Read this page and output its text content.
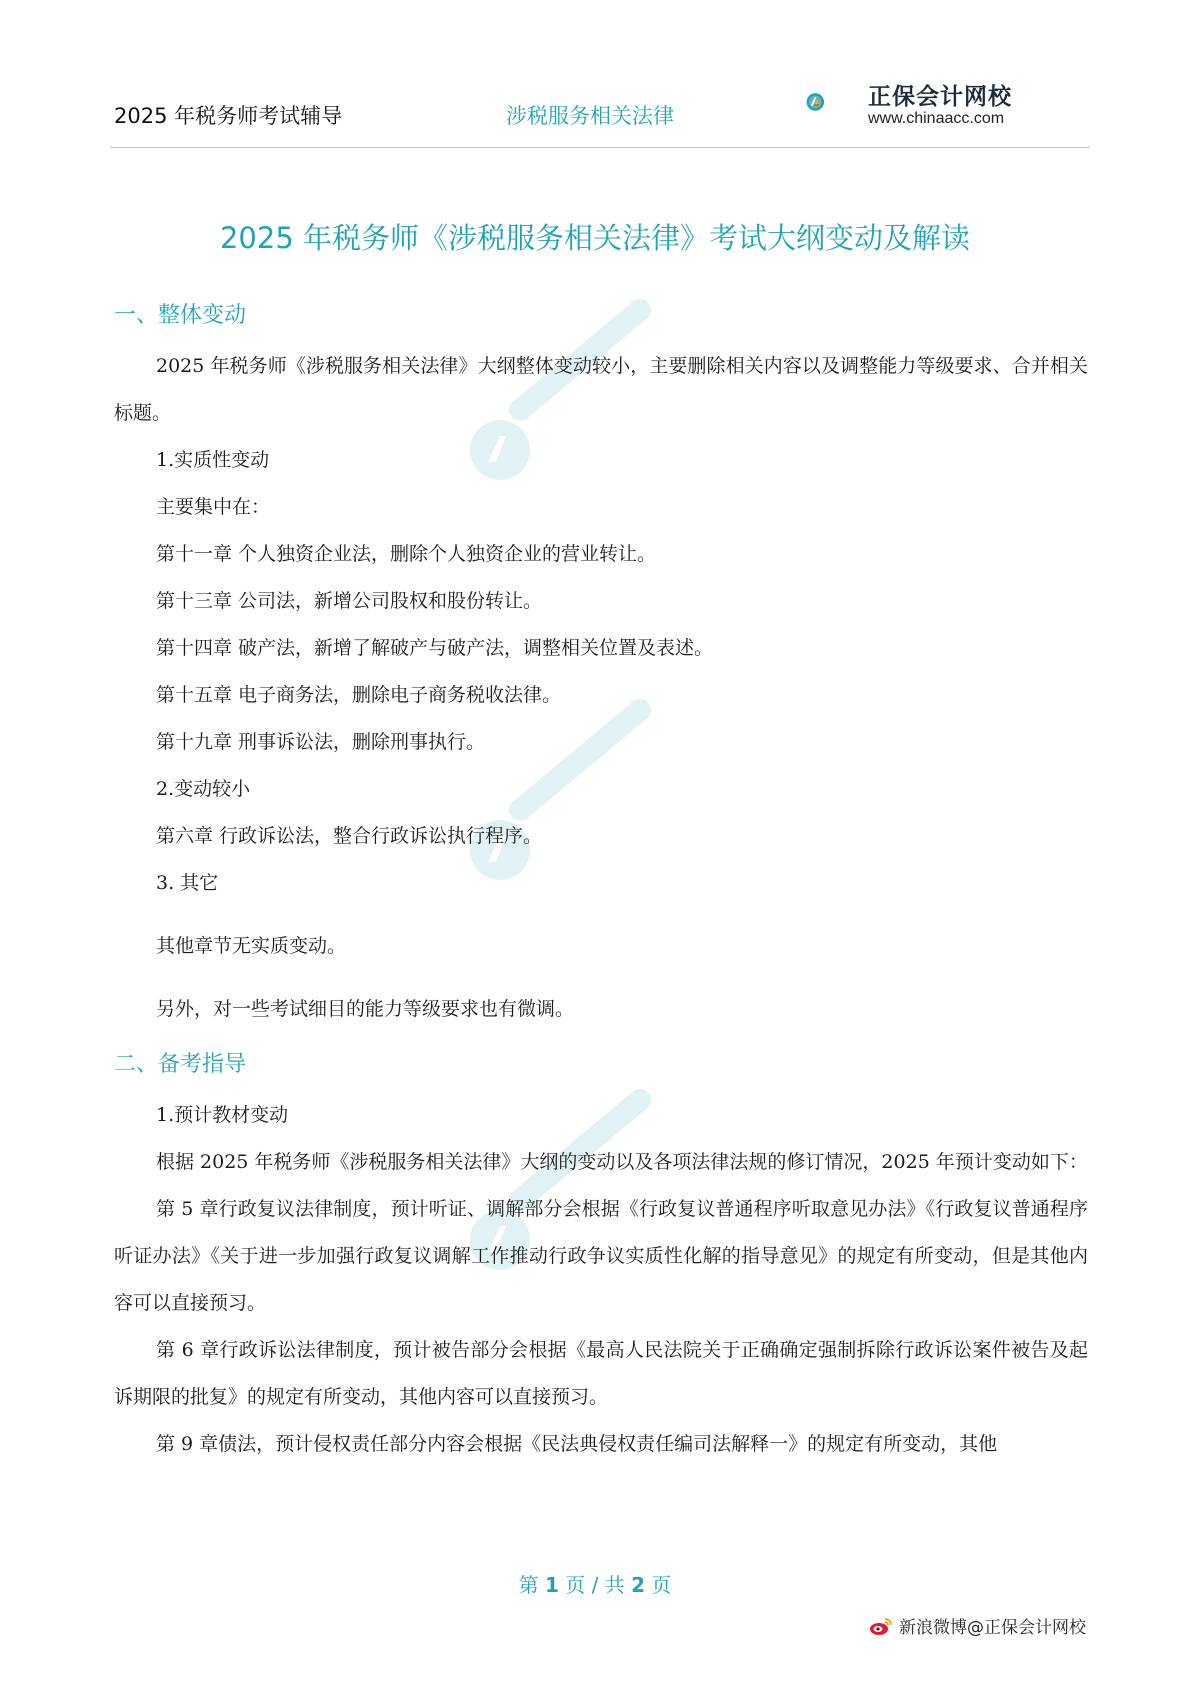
2025 年税务师考试辅导	涉税服务相关法律
正保会计网校
www.chinaacc.com
2025 年税务师《涉税服务相关法律》考试大纲变动及解读
一、整体变动

2025 年税务师《涉税服务相关法律》大纲整体变动较小，主要删除相关内容以及调整能力等级要求、合并相关标题。

1.实质性变动

主要集中在：

第十一章 个人独资企业法，删除个人独资企业的营业转让。

第十三章 公司法，新增公司股权和股份转让。

第十四章 破产法，新增了解破产与破产法，调整相关位置及表述。

第十五章 电子商务法，删除电子商务税收法律。

第十九章 刑事诉讼法，删除刑事执行。

2.变动较小

第六章 行政诉讼法，整合行政诉讼执行程序。

3. 其它

其他章节无实质变动。

另外，对一些考试细目的能力等级要求也有微调。

二、备考指导

1.预计教材变动

根据 2025 年税务师《涉税服务相关法律》大纲的变动以及各项法律法规的修订情况，2025 年预计变动如下：

第 5 章行政复议法律制度，预计听证、调解部分会根据《行政复议普通程序听取意见办法》《行政复议普通程序听证办法》《关于进一步加强行政复议调解工作推动行政争议实质性化解的指导意见》的规定有所变动，但是其他内容可以直接预习。

第 6 章行政诉讼法律制度，预计被告部分会根据《最高人民法院关于正确确定强制拆除行政诉讼案件被告及起诉期限的批复》的规定有所变动，其他内容可以直接预习。

第 9 章债法，预计侵权责任部分内容会根据《民法典侵权责任编司法解释一》的规定有所变动，其他

第 1 页 / 共 2 页
新浪微博@正保会计网校
